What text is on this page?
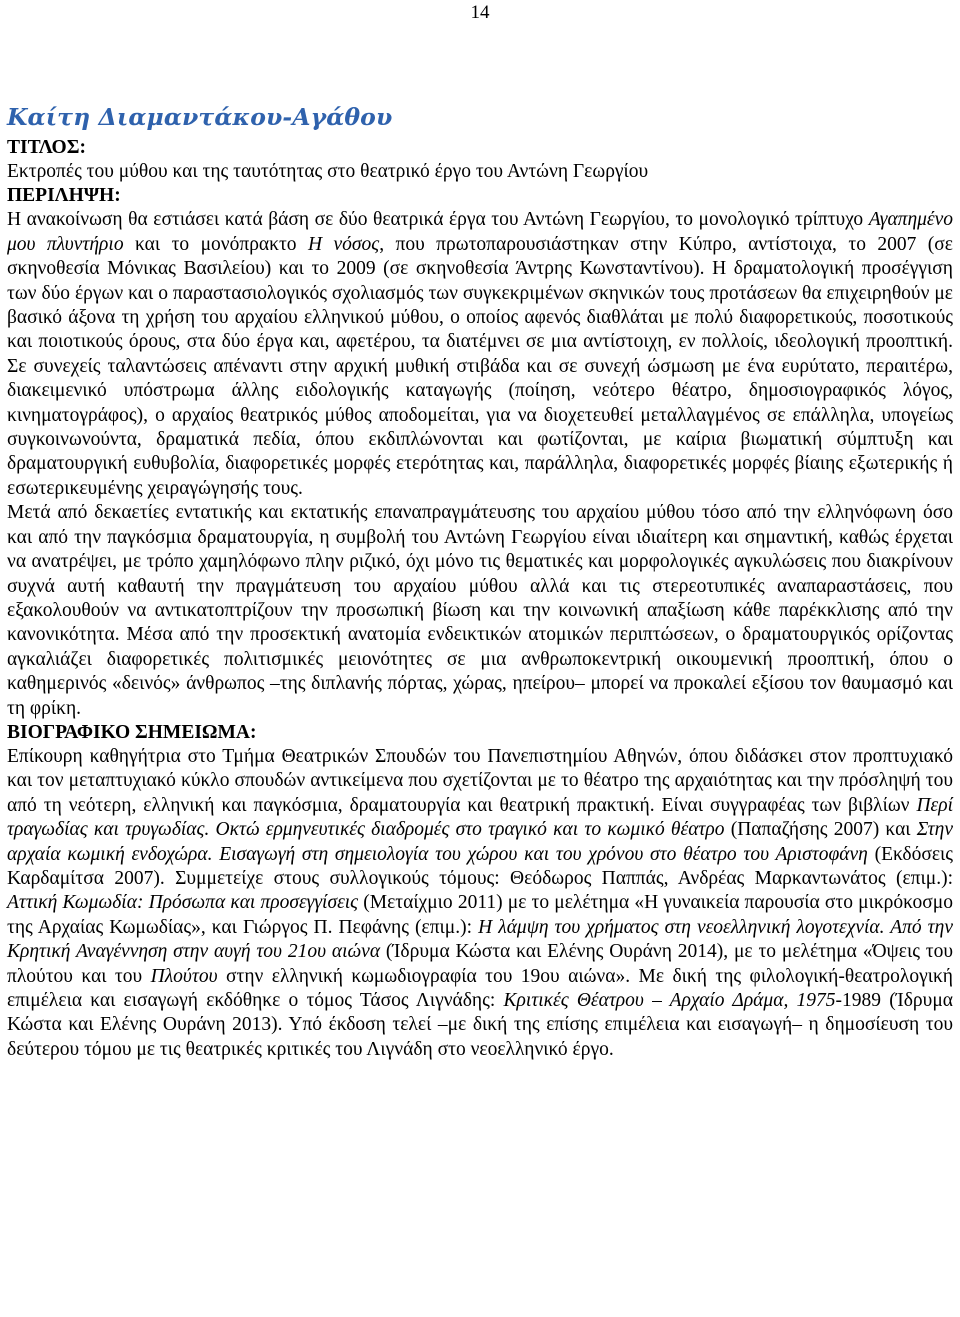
14
Καίτη Διαμαντάκου-Αγάθου
ΤΙΤΛΟΣ:

Εκτροπές του μύθου και της ταυτότητας στο θεατρικό έργο του Αντώνη Γεωργίου

ΠΕΡΙΛΗΨΗ:

Η ανακοίνωση θα εστιάσει κατά βάση σε δύο θεατρικά έργα του Αντώνη Γεωργίου, το μονολογικό τρίπτυχο Αγαπημένο μου πλυντήριο και το μονόπρακτο Η νόσος, που πρωτοπαρουσιάστηκαν στην Κύπρο, αντίστοιχα, το 2007 (σε σκηνοθεσία Μόνικας Βασιλείου) και το 2009 (σε σκηνοθεσία Άντρης Κωνσταντίνου). Η δραματολογική προσέγγιση των δύο έργων και ο παραστασιολογικός σχολιασμός των συγκεκριμένων σκηνικών τους προτάσεων θα επιχειρηθούν με βασικό άξονα τη χρήση του αρχαίου ελληνικού μύθου, ο οποίος αφενός διαθλάται με πολύ διαφορετικούς, ποσοτικούς και ποιοτικούς όρους, στα δύο έργα και, αφετέρου, τα διατέμνει σε μια αντίστοιχη, εν πολλοίς, ιδεολογική προοπτική. Σε συνεχείς ταλαντώσεις απέναντι στην αρχική μυθική στιβάδα και σε συνεχή ώσμωση με ένα ευρύτατο, περαιτέρω, διακειμενικό υπόστρωμα άλλης ειδολογικής καταγωγής (ποίηση, νεότερο θέατρο, δημοσιογραφικός λόγος, κινηματογράφος), ο αρχαίος θεατρικός μύθος αποδομείται, για να διοχετευθεί μεταλλαγμένος σε επάλληλα, υπογείως συγκοινωνούντα, δραματικά πεδία, όπου εκδιπλώνονται και φωτίζονται, με καίρια βιωματική σύμπτυξη και δραματουργική ευθυβολία, διαφορετικές μορφές ετερότητας και, παράλληλα, διαφορετικές μορφές βίαιης εξωτερικής ή εσωτερικευμένης χειραγώγησής τους.

Μετά από δεκαετίες εντατικής και εκτατικής επαναπραγμάτευσης του αρχαίου μύθου τόσο από την ελληνόφωνη όσο και από την παγκόσμια δραματουργία, η συμβολή του Αντώνη Γεωργίου είναι ιδιαίτερη και σημαντική, καθώς έρχεται να ανατρέψει, με τρόπο χαμηλόφωνο πλην ριζικό, όχι μόνο τις θεματικές και μορφολογικές αγκυλώσεις που διακρίνουν συχνά αυτή καθαυτή την πραγμάτευση του αρχαίου μύθου αλλά και τις στερεοτυπικές αναπαραστάσεις, που εξακολουθούν να αντικατοπτρίζουν την προσωπική βίωση και την κοινωνική απαξίωση κάθε παρέκκλισης από την κανονικότητα. Μέσα από την προσεκτική ανατομία ενδεικτικών ατομικών περιπτώσεων, ο δραματουργικός ορίζοντας αγκαλιάζει διαφορετικές πολιτισμικές μειονότητες σε μια ανθρωποκεντρική οικουμενική προοπτική, όπου ο καθημερινός «δεινός» άνθρωπος –της διπλανής πόρτας, χώρας, ηπείρου– μπορεί να προκαλεί εξίσου τον θαυμασμό και τη φρίκη.

ΒΙΟΓΡΑΦΙΚΟ ΣΗΜΕΙΩΜΑ:

Επίκουρη καθηγήτρια στο Τμήμα Θεατρικών Σπουδών του Πανεπιστημίου Αθηνών, όπου διδάσκει στον προπτυχιακό και τον μεταπτυχιακό κύκλο σπουδών αντικείμενα που σχετίζονται με το θέατρο της αρχαιότητας και την πρόσληψή του από τη νεότερη, ελληνική και παγκόσμια, δραματουργία και θεατρική πρακτική. Είναι συγγραφέας των βιβλίων Περί τραγωδίας και τρυγωδίας. Οκτώ ερμηνευτικές διαδρομές στο τραγικό και το κωμικό θέατρο (Παπαζήσης 2007) και Στην αρχαία κωμική ενδοχώρα. Εισαγωγή στη σημειολογία του χώρου και του χρόνου στο θέατρο του Αριστοφάνη (Εκδόσεις Καρδαμίτσα 2007). Συμμετείχε στους συλλογικούς τόμους: Θεόδωρος Παππάς, Ανδρέας Μαρκαντωνάτος (επιμ.): Αττική Κωμωδία: Πρόσωπα και προσεγγίσεις (Μεταίχμιο 2011) με το μελέτημα «Η γυναικεία παρουσία στο μικρόκοσμο της Αρχαίας Κωμωδίας», και Γιώργος Π. Πεφάνης (επιμ.): Η λάμψη του χρήματος στη νεοελληνική λογοτεχνία. Από την Κρητική Αναγέννηση στην αυγή του 21ου αιώνα (Ίδρυμα Κώστα και Ελένης Ουράνη 2014), με το μελέτημα «Όψεις του πλούτου και του Πλούτου στην ελληνική κωμωδιογραφία του 19ου αιώνα». Με δική της φιλολογική-θεατρολογική επιμέλεια και εισαγωγή εκδόθηκε ο τόμος Τάσος Λιγνάδης: Κριτικές Θέατρου – Αρχαίο Δράμα, 1975-1989 (Ίδρυμα Κώστα και Ελένης Ουράνη 2013). Υπό έκδοση τελεί –με δική της επίσης επιμέλεια και εισαγωγή– η δημοσίευση του δεύτερου τόμου με τις θεατρικές κριτικές του Λιγνάδη στο νεοελληνικό έργο.
